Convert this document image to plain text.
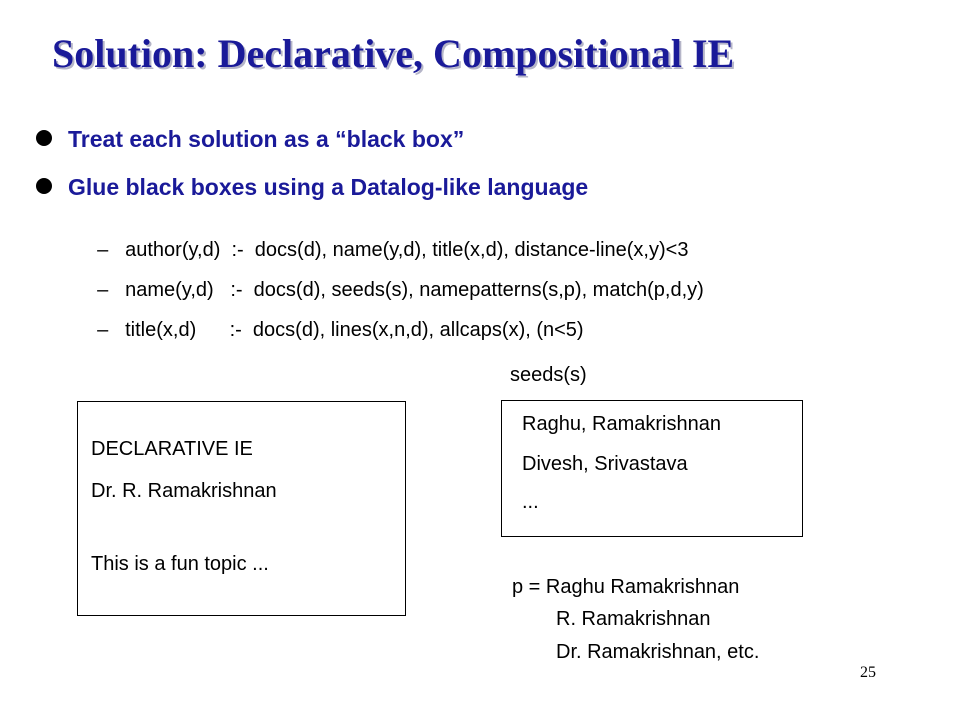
Solution: Declarative, Compositional IE
Treat each solution as a “black box”
Glue black boxes using a Datalog-like language

– author(y,d)  :-  docs(d), name(y,d), title(x,d), distance-line(x,y)<3

– name(y,d)   :-  docs(d), seeds(s), namepatterns(s,p), match(p,d,y)

– title(x,d)      :-  docs(d), lines(x,n,d), allcaps(x), (n<5)

seeds(s)
DECLARATIVE IE
Dr. R. Ramakrishnan
This is a fun topic ...
Raghu, Ramakrishnan
Divesh, Srivastava
...
p = Raghu Ramakrishnan
R. Ramakrishnan
Dr. Ramakrishnan, etc.
25
